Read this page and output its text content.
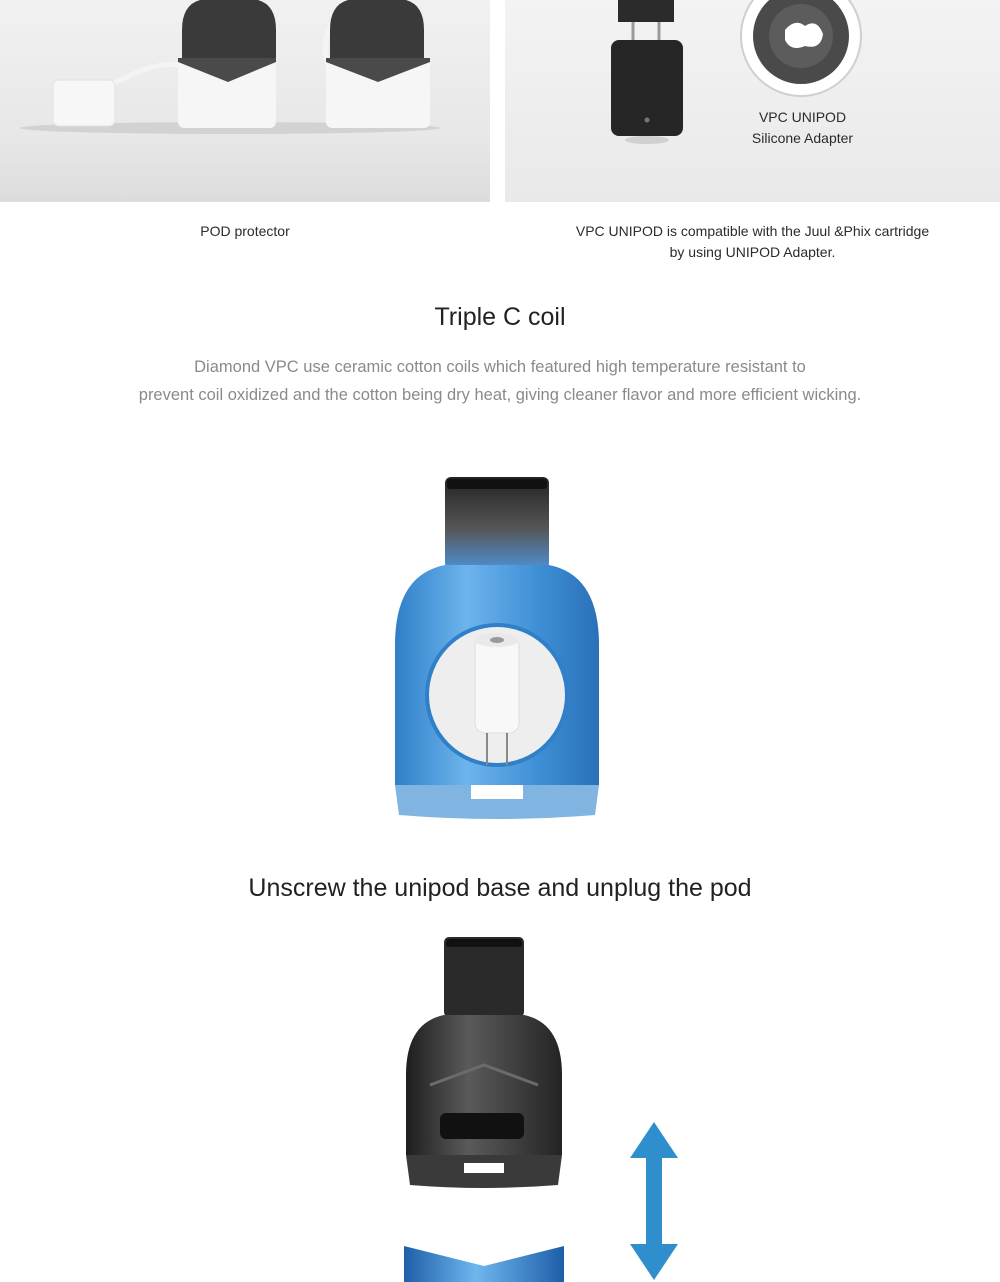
VPC UNIPOD
Silicone Adapter
POD protector	VPC UNIPOD is compatible with the Juul &Phix cartridge
by using UNIPOD Adapter.
Triple C coil
Diamond VPC use ceramic cotton coils which featured high temperature resistant to
prevent coil oxidized and the cotton being dry heat, giving cleaner flavor and more efficient wicking.
Unscrew the unipod base and unplug the pod
